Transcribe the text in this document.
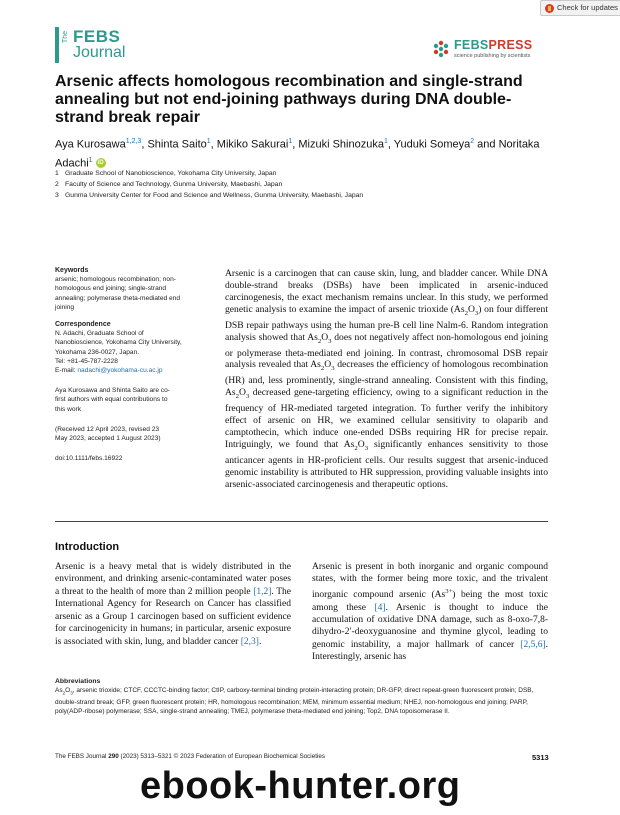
Check for updates
The FEBS
Journal	FEBSPRESS
science publishing by scientists
Arsenic affects homologous recombination and single-strand annealing but not end-joining pathways during DNA double-strand break repair
Aya Kurosawa$^{1,2,3}$, Shinta Saito$^1$, Mikiko Sakurai$^1$, Mizuki Shinozuka$^1$, Yuduki Someya$^2$ and Noritaka Adachi$^1$ iD
1 Graduate School of Nanobioscience, Yokohama City University, Japan
2 Faculty of Science and Technology, Gunma University, Maebashi, Japan
3 Gunma University Center for Food and Science and Wellness, Gunma University, Maebashi, Japan
Keywords

arsenic; homologous recombination; non-homologous end joining; single-strand annealing; polymerase theta-mediated end joining

Correspondence

N. Adachi, Graduate School of

Nanobioscience, Yokohama City University,

Yokohama 236-0027, Japan.

Tel: +81-45-787-2228

E-mail: nadachi@yokohama-cu.ac.jp

Aya Kurosawa and Shinta Saito are co-first authors with equal contributions to this work

(Received 12 April 2023, revised 23 May 2023, accepted 1 August 2023)

doi:10.1111/febs.16922

Arsenic is a carcinogen that can cause skin, lung, and bladder cancer. While DNA double-strand breaks (DSBs) have been implicated in arsenic-induced carcinogenesis, the exact mechanism remains unclear. In this study, we performed genetic analysis to examine the impact of arsenic trioxide $(As_2O_3)$ on four different DSB repair pathways using the human pre-B cell line Nalm-6. Random integration analysis showed that $As_2O_3$ does not negatively affect non-homologous end joining or polymerase theta-mediated end joining. In contrast, chromosomal DSB repair analysis revealed that $As_2O_3$ decreases the efficiency of homologous recombination (HR) and, less prominently, single-strand annealing. Consistent with this finding, $As_2O_3$ decreased gene-targeting efficiency, owing to a significant reduction in the frequency of HR-mediated targeted integration. To further verify the inhibitory effect of arsenic on HR, we examined cellular sensitivity to olaparib and camptothecin, which induce one-ended DSBs requiring HR for precise repair. Intriguingly, we found that $As_2O_3$ significantly enhances sensitivity to those anticancer agents in HR-proficient cells. Our results suggest that arsenic-induced genomic instability is attributed to HR suppression, providing valuable insights into arsenic-associated carcinogenesis and therapeutic options.

Introduction

Arsenic is a heavy metal that is widely distributed in the environment, and drinking arsenic-contaminated water poses a threat to the health of more than 2 million people [1,2]. The International Agency for Research on Cancer has classified arsenic as a Group 1 carcinogen based on sufficient evidence for carcinogenicity in humans; in particular, arsenic exposure is associated with skin, lung, and bladder cancer [2,3].

Arsenic is present in both inorganic and organic compound states, with the former being more toxic, and the trivalent inorganic compound arsenic $(As^{3+})$ being the most toxic among these [4]. Arsenic is thought to induce the accumulation of oxidative DNA damage, such as 8-oxo-7,8-dihydro-2′-deoxyguanosine and thymine glycol, leading to genomic instability, a major hallmark of cancer [2,5,6]. Interestingly, arsenic has

Abbreviations

$As_2O_3$, arsenic trioxide; CTCF, CCCTC-binding factor; CtIP, carboxy-terminal binding protein-interacting protein; DR-GFP, direct repeat-green fluorescent protein; DSB, double-strand break; GFP, green fluorescent protein; HR, homologous recombination; MEM, minimum essential medium; NHEJ, non-homologous end joining; PARP, poly(ADP-ribose) polymerase; SSA, single-strand annealing; TMEJ, polymerase theta-mediated end joining; Top2, DNA topoisomerase II.

The FEBS Journal 290 (2023) 5313–5321 © 2023 Federation of European Biochemical Societies	5313
ebook-hunter.org
